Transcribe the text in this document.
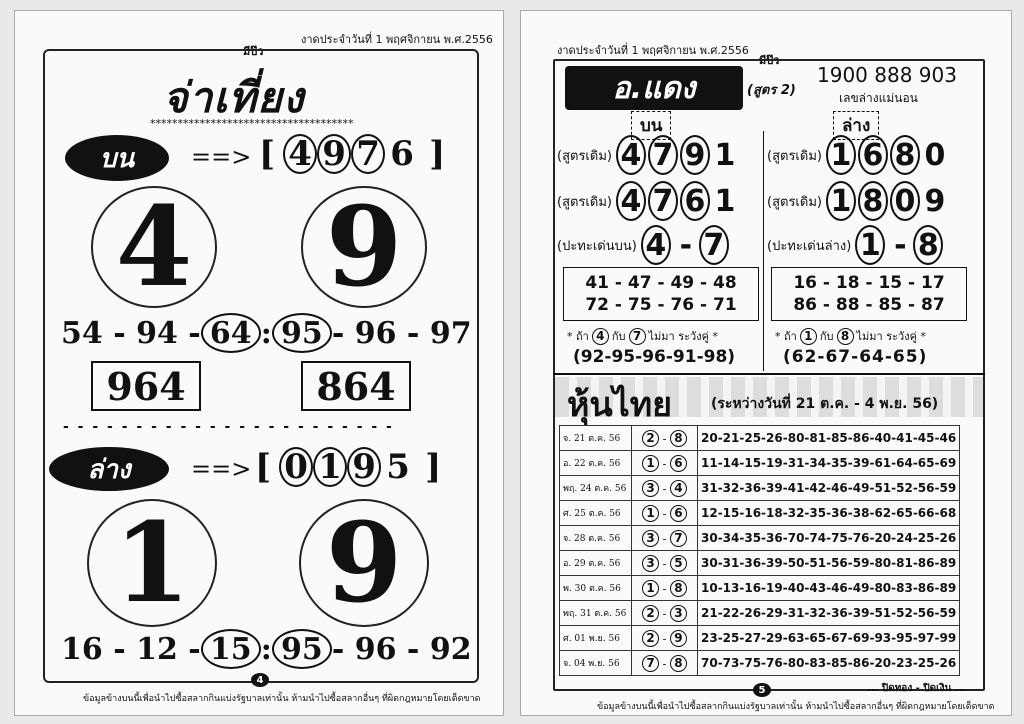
งาดประจำวันที่ 1 พฤศจิกายน พ.ศ.2556
มีป๊ว
จ่าเที่ยง
*************************************
บน	==> [ 4 9 7 6 ]
4 9
54 - 94 - 64 : 95 - 96 - 97
964	864
- - - - - - - - - - - - - - - - - - - - - - -
ล่าง	==> [ 0 1 9 5 ]
1 9
16 - 12 - 15 : 95 - 96 - 92
4
ข้อมูลข้างบนนี้เพื่อนำไปซื้อสลากกินแบ่งรัฐบาลเท่านั้น ห้ามนำไปซื้อสลากอื่นๆ ที่ผิดกฎหมายโดยเด็ดขาด
งาดประจำวันที่ 1 พฤศจิกายน พ.ศ.2556
มีป๊ว
อ.แดง	(สูตร 2)
1900 888 903
เลขล่างแม่นอน
บน	ล่าง
(สูตรเดิม) 4 7 9 1
(สูตรเดิม) 4 7 6 1
(ปะทะเด่นบน) 4 - 7
(สูตรเดิม) 1 6 8 0
(สูตรเดิม) 1 8 0 9
(ปะทะเด่นล่าง) 1 - 8
41 - 47 - 49 - 48
72 - 75 - 76 - 71
16 - 18 - 15 - 17
86 - 88 - 85 - 87
* ถ้า 4 กับ 7 ไม่มา ระวังคู่ *	* ถ้า 1 กับ 8 ไม่มา ระวังคู่ *
(92-95-96-91-98)	(62-67-64-65)
หุ้นไทย	(ระหว่างวันที่ 21 ต.ค. - 4 พ.ย. 56)
จ. 21 ต.ค. 56	2 - 8	20-21-25-26-80-81-85-86-40-41-45-46
อ. 22 ต.ค. 56	1 - 6	11-14-15-19-31-34-35-39-61-64-65-69
พฤ. 24 ต.ค. 56	3 - 4	31-32-36-39-41-42-46-49-51-52-56-59
ศ. 25 ต.ค. 56	1 - 6	12-15-16-18-32-35-36-38-62-65-66-68
จ. 28 ต.ค. 56	3 - 7	30-34-35-36-70-74-75-76-20-24-25-26
อ. 29 ต.ค. 56	3 - 5	30-31-36-39-50-51-56-59-80-81-86-89
พ. 30 ต.ค. 56	1 - 8	10-13-16-19-40-43-46-49-80-83-86-89
พฤ. 31 ต.ค. 56	2 - 3	21-22-26-29-31-32-36-39-51-52-56-59
ศ. 01 พ.ย. 56	2 - 9	23-25-27-29-63-65-67-69-93-95-97-99
จ. 04 พ.ย. 56	7 - 8	70-73-75-76-80-83-85-86-20-23-25-26
... ปิดทอง - ปิดเงิน ...
5
ข้อมูลข้างบนนี้เพื่อนำไปซื้อสลากกินแบ่งรัฐบาลเท่านั้น ห้ามนำไปซื้อสลากอื่นๆ ที่ผิดกฎหมายโดยเด็ดขาด
